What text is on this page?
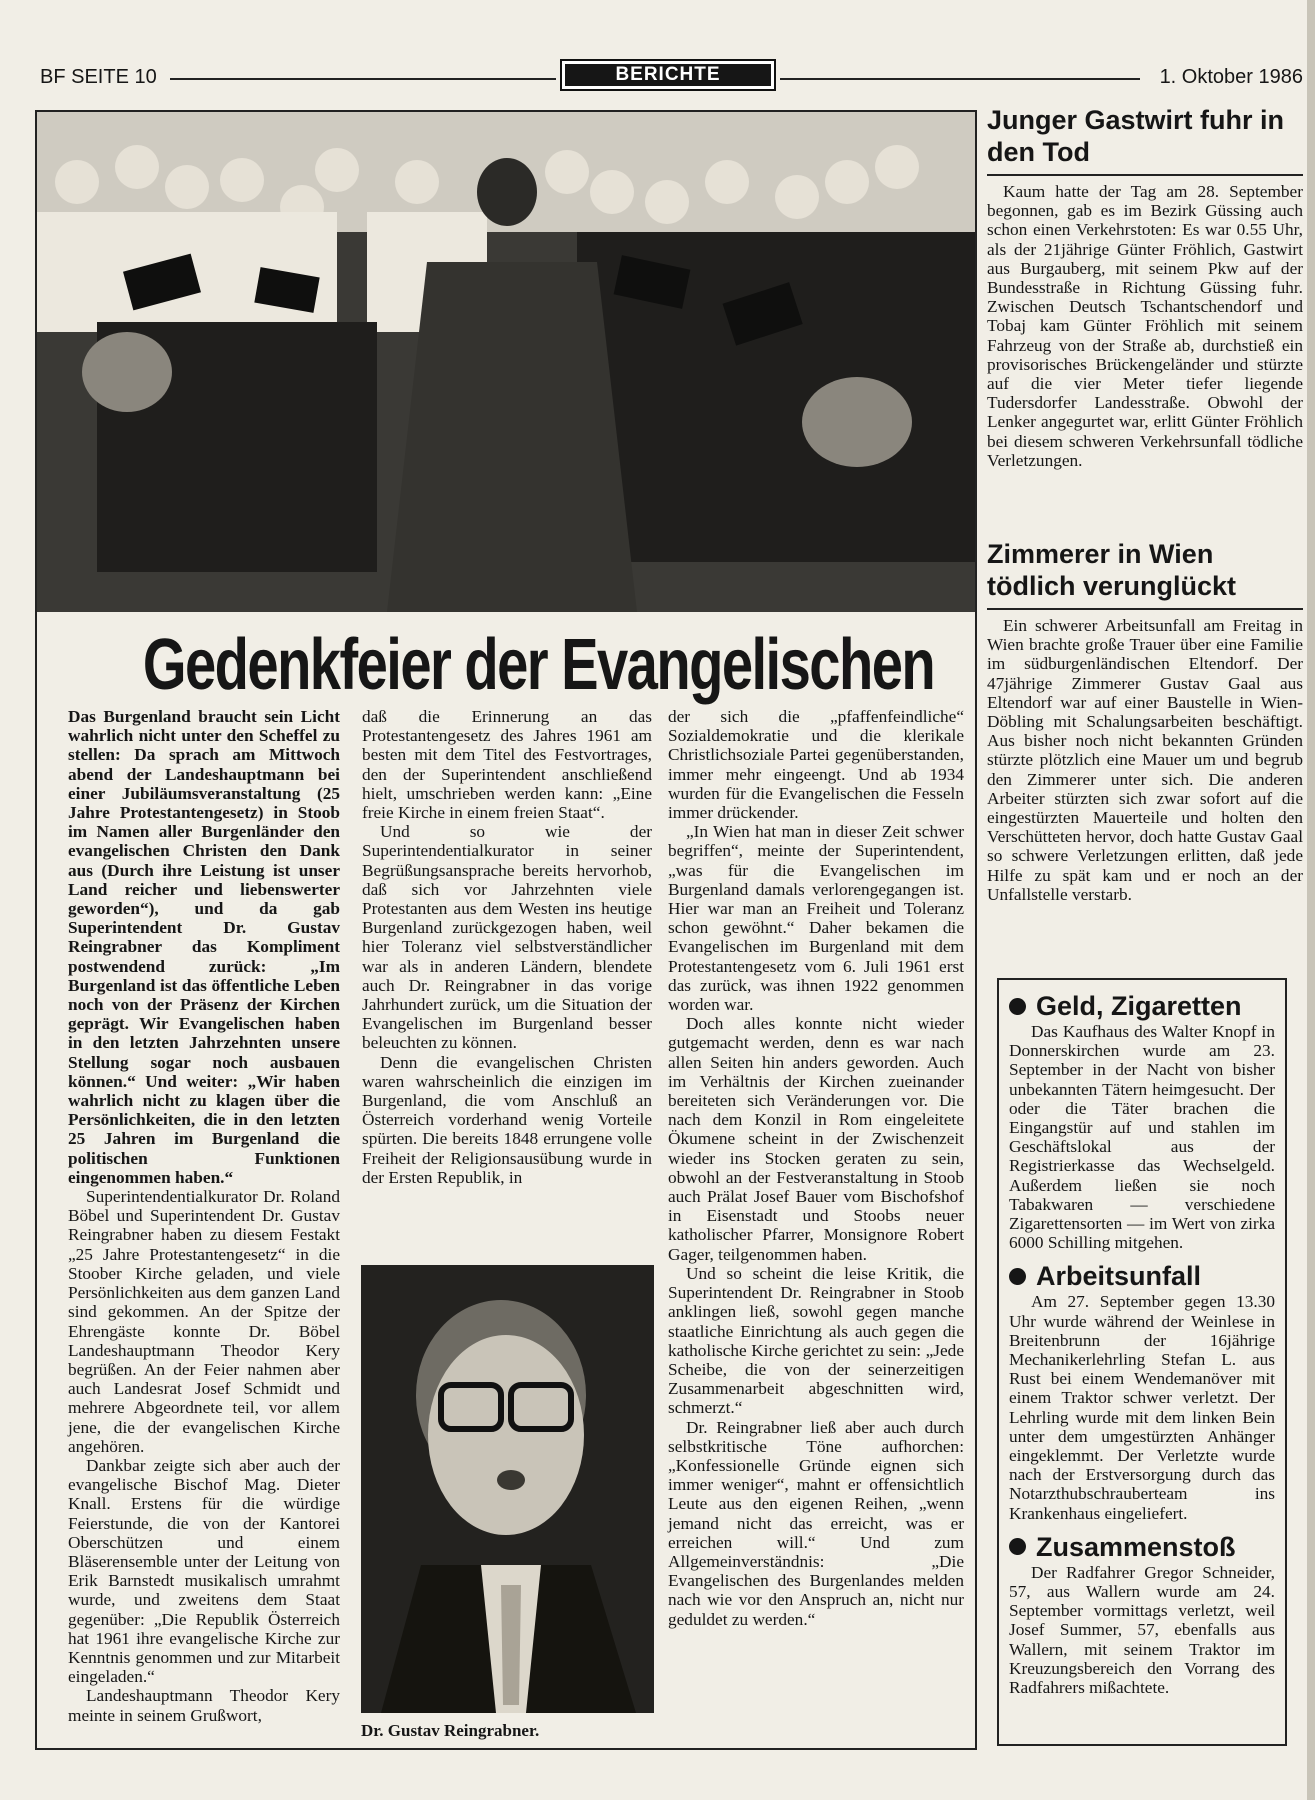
BF SEITE 10	BERICHTE	1. Oktober 1986
Gedenkfeier der Evangelischen

Das Burgenland braucht sein Licht wahrlich nicht unter den Scheffel zu stellen: Da sprach am Mittwoch abend der Landeshauptmann bei einer Jubiläumsveranstaltung (25 Jahre Protestantengesetz) in Stoob im Namen aller Burgenländer den evangelischen Christen den Dank aus (Durch ihre Leistung ist unser Land reicher und liebenswerter geworden“), und da gab Superintendent Dr. Gustav Reingrabner das Kompliment postwendend zurück: „Im Burgenland ist das öffentliche Leben noch von der Präsenz der Kirchen geprägt. Wir Evangelischen haben in den letzten Jahrzehnten unsere Stellung sogar noch ausbauen können.“ Und weiter: „Wir haben wahrlich nicht zu klagen über die Persönlichkeiten, die in den letzten 25 Jahren im Burgenland die politischen Funktionen eingenommen haben.“

Superintendentialkurator Dr. Roland Böbel und Superintendent Dr. Gustav Reingrabner haben zu diesem Festakt „25 Jahre Protestantengesetz“ in die Stoober Kirche geladen, und viele Persönlichkeiten aus dem ganzen Land sind gekommen. An der Spitze der Ehrengäste konnte Dr. Böbel Landeshauptmann Theodor Kery begrüßen. An der Feier nahmen aber auch Landesrat Josef Schmidt und mehrere Abgeordnete teil, vor allem jene, die der evangelischen Kirche angehören.

Dankbar zeigte sich aber auch der evangelische Bischof Mag. Dieter Knall. Erstens für die würdige Feierstunde, die von der Kantorei Oberschützen und einem Bläserensemble unter der Leitung von Erik Barnstedt musikalisch umrahmt wurde, und zweitens dem Staat gegenüber: „Die Republik Österreich hat 1961 ihre evangelische Kirche zur Kenntnis genommen und zur Mitarbeit eingeladen.“

Landeshauptmann Theodor Kery meinte in seinem Grußwort,

daß die Erinnerung an das Protestantengesetz des Jahres 1961 am besten mit dem Titel des Festvortrages, den der Superintendent anschließend hielt, umschrieben werden kann: „Eine freie Kirche in einem freien Staat“.

Und so wie der Superintendentialkurator in seiner Begrüßungsansprache bereits hervorhob, daß sich vor Jahrzehnten viele Protestanten aus dem Westen ins heutige Burgenland zurückgezogen haben, weil hier Toleranz viel selbstverständlicher war als in anderen Ländern, blendete auch Dr. Reingrabner in das vorige Jahrhundert zurück, um die Situation der Evangelischen im Burgenland besser beleuchten zu können.

Denn die evangelischen Christen waren wahrscheinlich die einzigen im Burgenland, die vom Anschluß an Österreich vorderhand wenig Vorteile spürten. Die bereits 1848 errungene volle Freiheit der Religionsausübung wurde in der Ersten Republik, in

Dr. Gustav Reingrabner.

der sich die „pfaffenfeindliche“ Sozialdemokratie und die klerikale Christlichsoziale Partei gegenüberstanden, immer mehr eingeengt. Und ab 1934 wurden für die Evangelischen die Fesseln immer drückender.

„In Wien hat man in dieser Zeit schwer begriffen“, meinte der Superintendent, „was für die Evangelischen im Burgenland damals verlorengegangen ist. Hier war man an Freiheit und Toleranz schon gewöhnt.“ Daher bekamen die Evangelischen im Burgenland mit dem Protestantengesetz vom 6. Juli 1961 erst das zurück, was ihnen 1922 genommen worden war.

Doch alles konnte nicht wieder gutgemacht werden, denn es war nach allen Seiten hin anders geworden. Auch im Verhältnis der Kirchen zueinander bereiteten sich Veränderungen vor. Die nach dem Konzil in Rom eingeleitete Ökumene scheint in der Zwischenzeit wieder ins Stocken geraten zu sein, obwohl an der Festveranstaltung in Stoob auch Prälat Josef Bauer vom Bischofshof in Eisenstadt und Stoobs neuer katholischer Pfarrer, Monsignore Robert Gager, teilgenommen haben.

Und so scheint die leise Kritik, die Superintendent Dr. Reingrabner in Stoob anklingen ließ, sowohl gegen manche staatliche Einrichtung als auch gegen die katholische Kirche gerichtet zu sein: „Jede Scheibe, die von der seinerzeitigen Zusammenarbeit abgeschnitten wird, schmerzt.“

Dr. Reingrabner ließ aber auch durch selbstkritische Töne aufhorchen: „Konfessionelle Gründe eignen sich immer weniger“, mahnt er offensichtlich Leute aus den eigenen Reihen, „wenn jemand nicht das erreicht, was er erreichen will.“ Und zum Allgemeinverständnis: „Die Evangelischen des Burgenlandes melden nach wie vor den Anspruch an, nicht nur geduldet zu werden.“

Junger Gastwirt fuhr in den Tod

Kaum hatte der Tag am 28. September begonnen, gab es im Bezirk Güssing auch schon einen Verkehrstoten: Es war 0.55 Uhr, als der 21jährige Günter Fröhlich, Gastwirt aus Burgauberg, mit seinem Pkw auf der Bundesstraße in Richtung Güssing fuhr. Zwischen Deutsch Tschantschendorf und Tobaj kam Günter Fröhlich mit seinem Fahrzeug von der Straße ab, durchstieß ein provisorisches Brückengeländer und stürzte auf die vier Meter tiefer liegende Tudersdorfer Landesstraße. Obwohl der Lenker angegurtet war, erlitt Günter Fröhlich bei diesem schweren Verkehrsunfall tödliche Verletzungen.

Zimmerer in Wien tödlich verunglückt

Ein schwerer Arbeitsunfall am Freitag in Wien brachte große Trauer über eine Familie im südburgenländischen Eltendorf. Der 47jährige Zimmerer Gustav Gaal aus Eltendorf war auf einer Baustelle in Wien-Döbling mit Schalungsarbeiten beschäftigt. Aus bisher noch nicht bekannten Gründen stürzte plötzlich eine Mauer um und begrub den Zimmerer unter sich. Die anderen Arbeiter stürzten sich zwar sofort auf die eingestürzten Mauerteile und holten den Verschütteten hervor, doch hatte Gustav Gaal so schwere Verletzungen erlitten, daß jede Hilfe zu spät kam und er noch an der Unfallstelle verstarb.

Geld, Zigaretten

Das Kaufhaus des Walter Knopf in Donnerskirchen wurde am 23. September in der Nacht von bisher unbekannten Tätern heimgesucht. Der oder die Täter brachen die Eingangstür auf und stahlen im Geschäftslokal aus der Registrierkasse das Wechselgeld. Außerdem ließen sie noch Tabakwaren — verschiedene Zigarettensorten — im Wert von zirka 6000 Schilling mitgehen.

Arbeitsunfall

Am 27. September gegen 13.30 Uhr wurde während der Weinlese in Breitenbrunn der 16jährige Mechanikerlehrling Stefan L. aus Rust bei einem Wendemanöver mit einem Traktor schwer verletzt. Der Lehrling wurde mit dem linken Bein unter dem umgestürzten Anhänger eingeklemmt. Der Verletzte wurde nach der Erstversorgung durch das Notarzthubschrauberteam ins Krankenhaus eingeliefert.

Zusammenstoß

Der Radfahrer Gregor Schneider, 57, aus Wallern wurde am 24. September vormittags verletzt, weil Josef Summer, 57, ebenfalls aus Wallern, mit seinem Traktor im Kreuzungsbereich den Vorrang des Radfahrers mißachtete.
